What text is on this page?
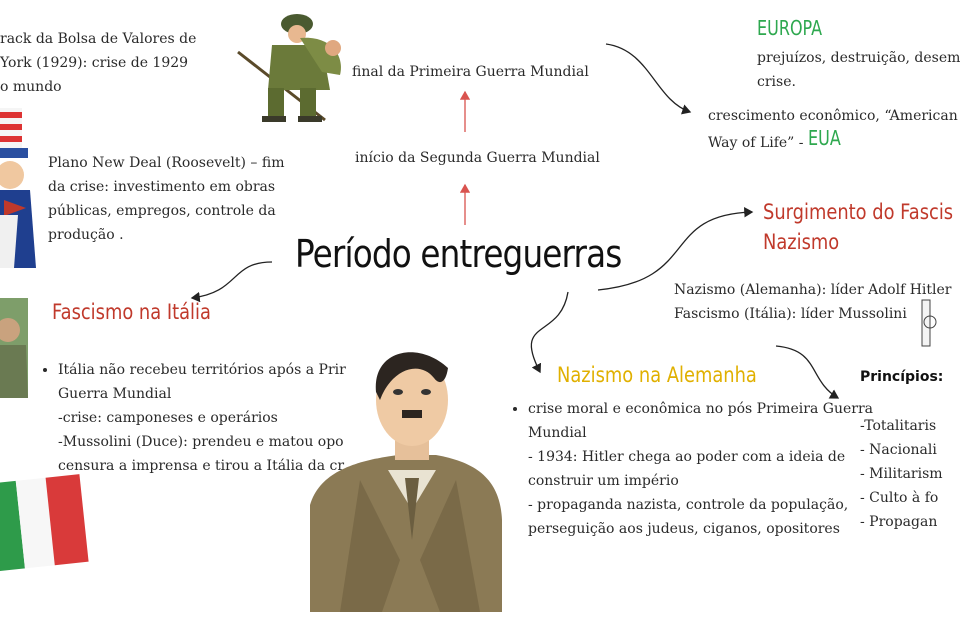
Período entreguerras
final da Primeira Guerra Mundial
início da Segunda Guerra Mundial
rack da Bolsa de Valores de
York (1929): crise de 1929
o mundo
Plano New Deal (Roosevelt) – fim
da crise: investimento em obras
públicas, empregos, controle da
produção .
EUROPA
prejuízos, destruição, desem
crise.
crescimento econômico, “American
Way of Life” - EUA
Surgimento do Fascis
Nazismo
Nazismo (Alemanha): líder Adolf Hitler
Fascismo (Itália): líder Mussolini
Fascismo na Itália
• Itália não recebeu territórios após a Prir
Guerra Mundial
-crise: camponeses e operários
-Mussolini (Duce): prendeu e matou opo
censura a imprensa e tirou a Itália da cr
Nazismo na Alemanha
• crise moral e econômica no pós Primeira Guerra
Mundial
- 1934: Hitler chega ao poder com a ideia de
construir um império
- propaganda nazista, controle da população,
perseguição aos judeus, ciganos, opositores
Princípios:
-Totalitaris
- Nacionali
- Militarism
- Culto à fo
- Propagan
